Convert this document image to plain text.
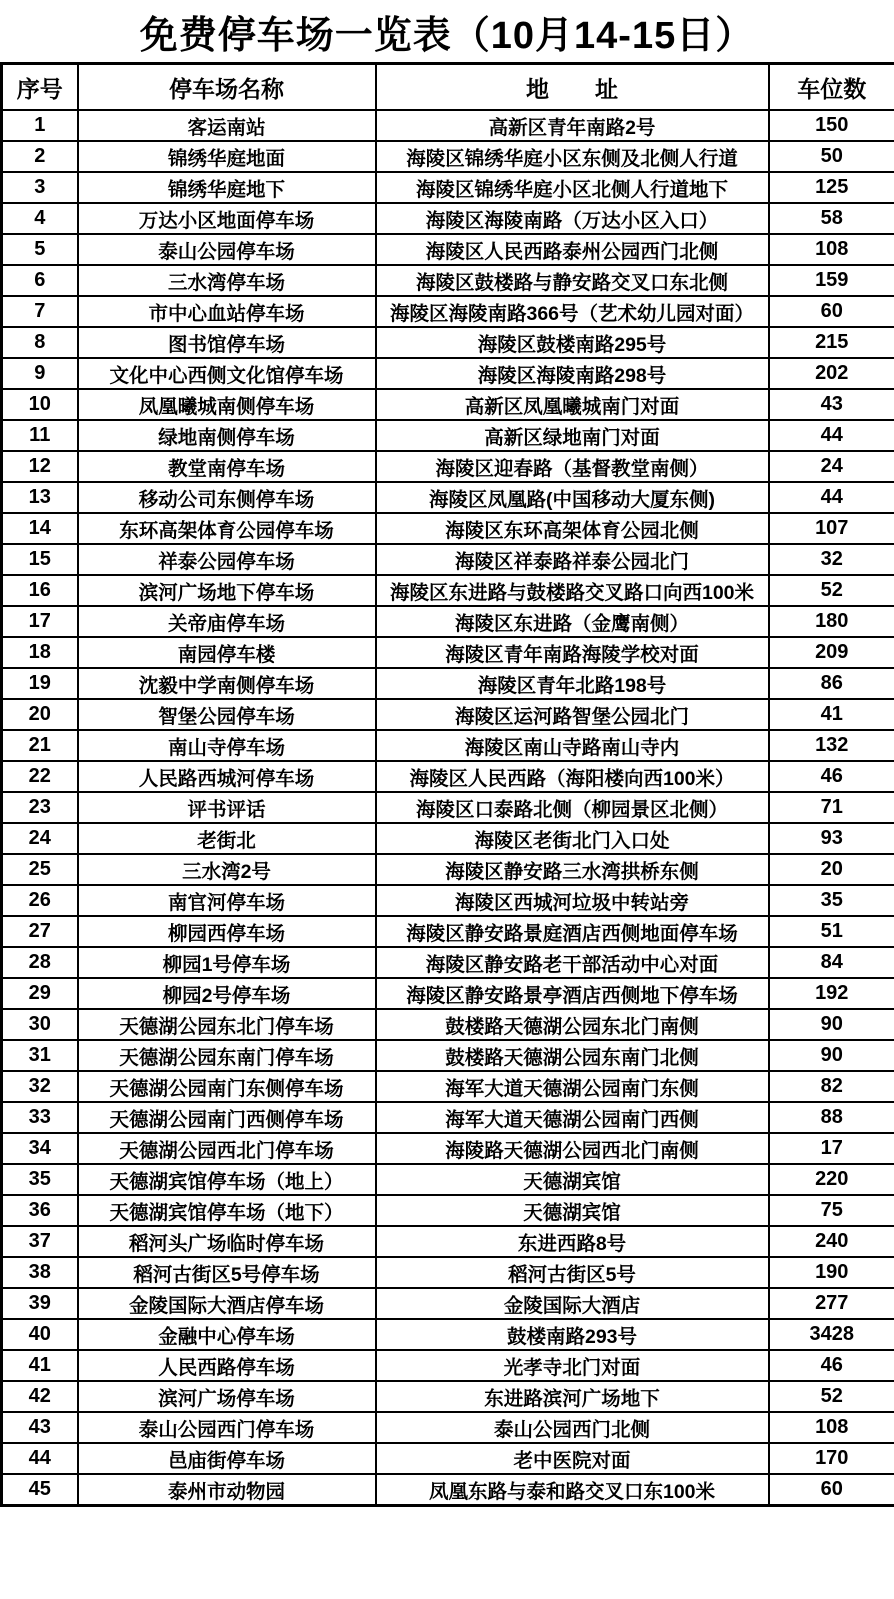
免费停车场一览表（10月14-15日）
序号	停车场名称	地　　址	车位数
1	客运南站	高新区青年南路2号	150
2	锦绣华庭地面	海陵区锦绣华庭小区东侧及北侧人行道	50
3	锦绣华庭地下	海陵区锦绣华庭小区北侧人行道地下	125
4	万达小区地面停车场	海陵区海陵南路（万达小区入口）	58
5	泰山公园停车场	海陵区人民西路泰州公园西门北侧	108
6	三水湾停车场	海陵区鼓楼路与静安路交叉口东北侧	159
7	市中心血站停车场	海陵区海陵南路366号（艺术幼儿园对面）	60
8	图书馆停车场	海陵区鼓楼南路295号	215
9	文化中心西侧文化馆停车场	海陵区海陵南路298号	202
10	凤凰曦城南侧停车场	高新区凤凰曦城南门对面	43
11	绿地南侧停车场	高新区绿地南门对面	44
12	教堂南停车场	海陵区迎春路（基督教堂南侧）	24
13	移动公司东侧停车场	海陵区凤凰路(中国移动大厦东侧)	44
14	东环高架体育公园停车场	海陵区东环高架体育公园北侧	107
15	祥泰公园停车场	海陵区祥泰路祥泰公园北门	32
16	滨河广场地下停车场	海陵区东进路与鼓楼路交叉路口向西100米	52
17	关帝庙停车场	海陵区东进路（金鹰南侧）	180
18	南园停车楼	海陵区青年南路海陵学校对面	209
19	沈毅中学南侧停车场	海陵区青年北路198号	86
20	智堡公园停车场	海陵区运河路智堡公园北门	41
21	南山寺停车场	海陵区南山寺路南山寺内	132
22	人民路西城河停车场	海陵区人民西路（海阳楼向西100米）	46
23	评书评话	海陵区口泰路北侧（柳园景区北侧）	71
24	老街北	海陵区老街北门入口处	93
25	三水湾2号	海陵区静安路三水湾拱桥东侧	20
26	南官河停车场	海陵区西城河垃圾中转站旁	35
27	柳园西停车场	海陵区静安路景庭酒店西侧地面停车场	51
28	柳园1号停车场	海陵区静安路老干部活动中心对面	84
29	柳园2号停车场	海陵区静安路景亭酒店西侧地下停车场	192
30	天德湖公园东北门停车场	鼓楼路天德湖公园东北门南侧	90
31	天德湖公园东南门停车场	鼓楼路天德湖公园东南门北侧	90
32	天德湖公园南门东侧停车场	海军大道天德湖公园南门东侧	82
33	天德湖公园南门西侧停车场	海军大道天德湖公园南门西侧	88
34	天德湖公园西北门停车场	海陵路天德湖公园西北门南侧	17
35	天德湖宾馆停车场（地上）	天德湖宾馆	220
36	天德湖宾馆停车场（地下）	天德湖宾馆	75
37	稻河头广场临时停车场	东进西路8号	240
38	稻河古街区5号停车场	稻河古街区5号	190
39	金陵国际大酒店停车场	金陵国际大酒店	277
40	金融中心停车场	鼓楼南路293号	3428
41	人民西路停车场	光孝寺北门对面	46
42	滨河广场停车场	东进路滨河广场地下	52
43	泰山公园西门停车场	泰山公园西门北侧	108
44	邑庙街停车场	老中医院对面	170
45	泰州市动物园	凤凰东路与泰和路交叉口东100米	60
